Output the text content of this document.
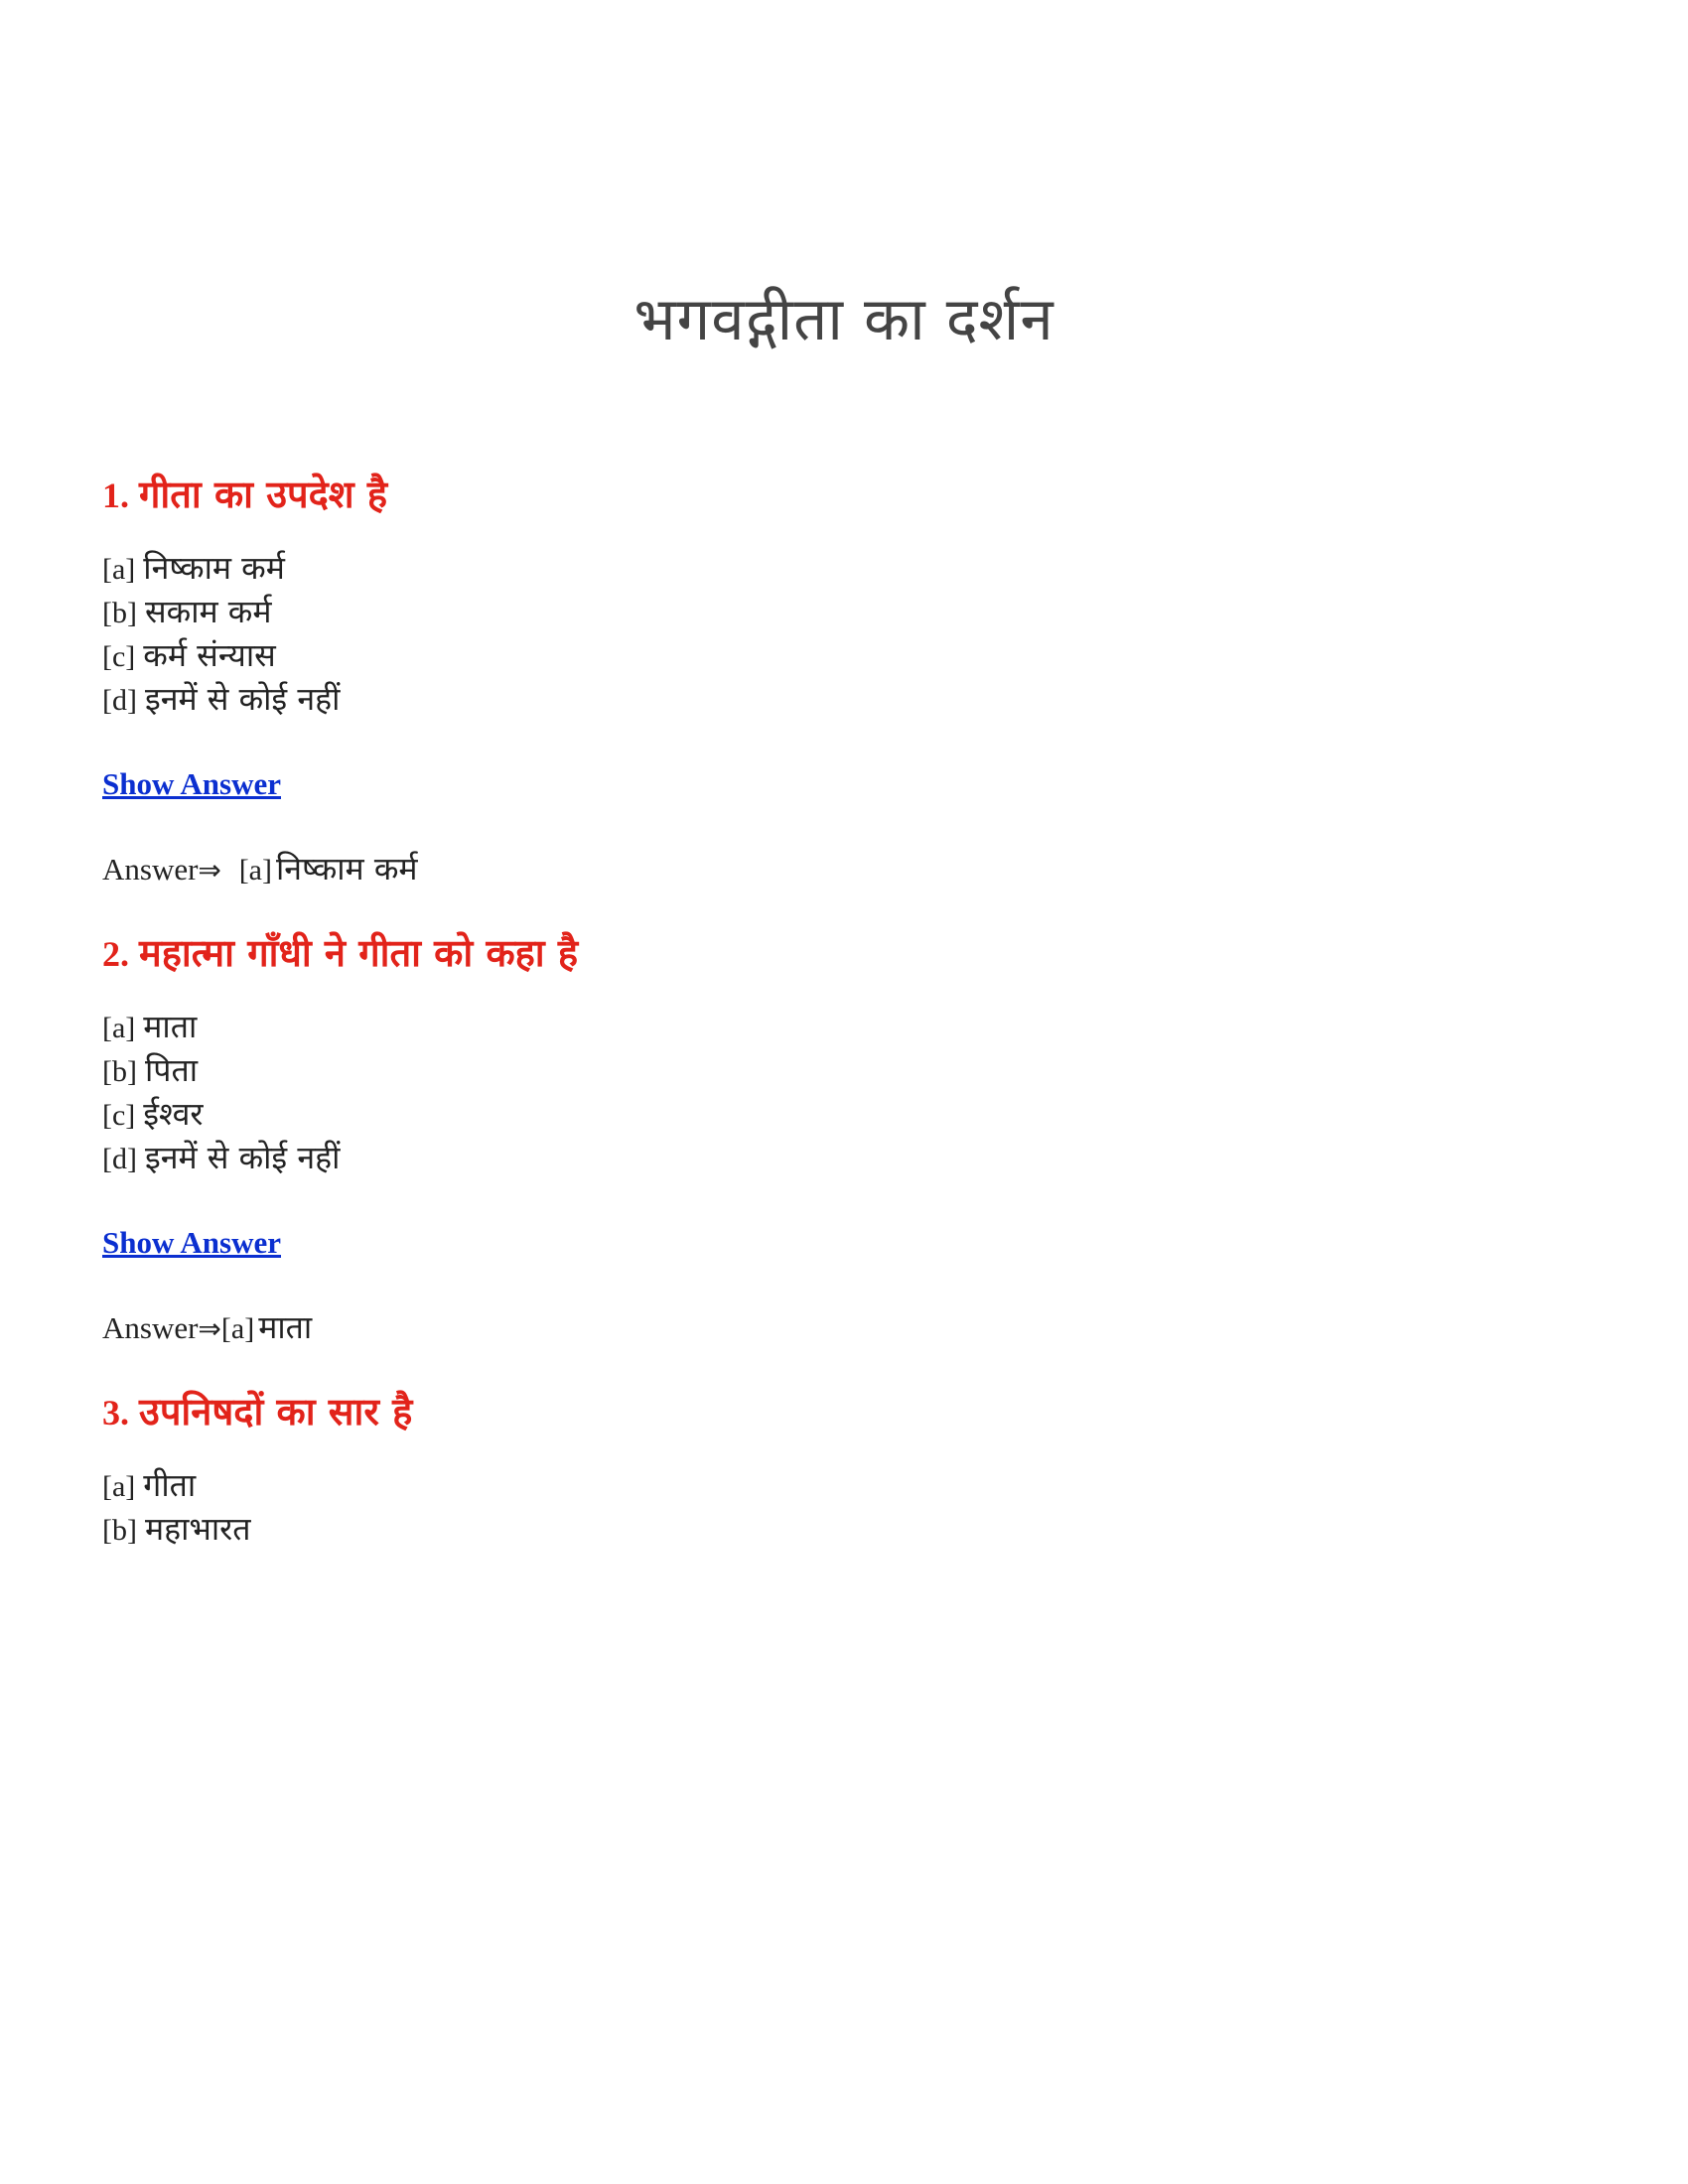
भगवद्गीता का दर्शन
1. गीता का उपदेश है
[a] निष्काम कर्म
[b] सकाम कर्म
[c] कर्म संन्यास
[d] इनमें से कोई नहीं
Show Answer
Answer⇒  [a] निष्काम कर्म
2. महात्मा गाँधी ने गीता को कहा है
[a] माता
[b] पिता
[c] ईश्वर
[d] इनमें से कोई नहीं
Show Answer
Answer⇒[a] माता
3. उपनिषदों का सार है
[a] गीता
[b] महाभारत
